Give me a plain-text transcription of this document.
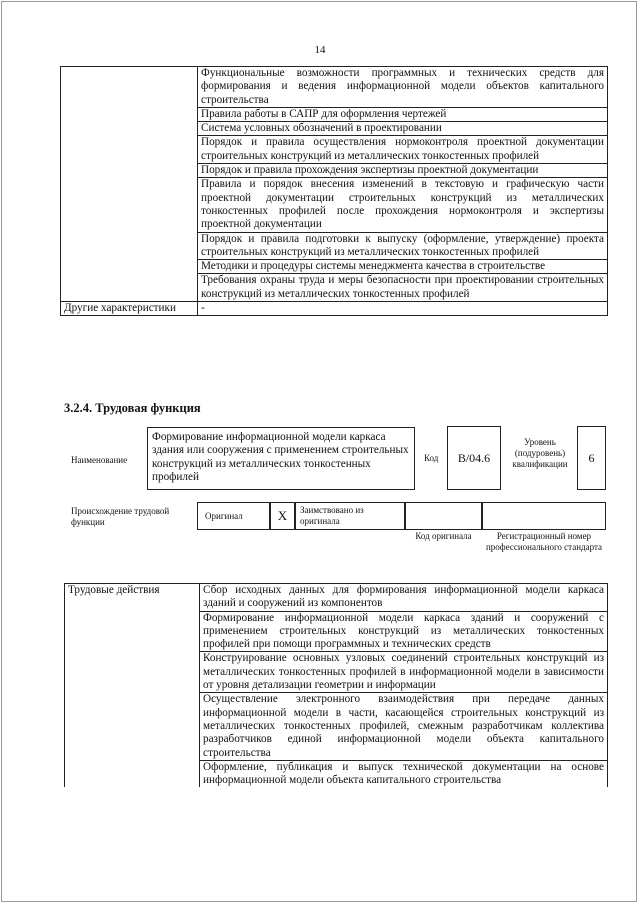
14
	Функциональные возможности программных и технических средств для формирования и ведения информационной модели объектов капитального строительства
	Правила работы в САПР для оформления чертежей
	Система условных обозначений в проектировании
	Порядок и правила осуществления нормоконтроля проектной документации строительных конструкций из металлических тонкостенных профилей
	Порядок и правила прохождения экспертизы проектной документации
	Правила и порядок внесения изменений в текстовую и графическую части проектной документации строительных конструкций из металлических тонкостенных профилей после прохождения нормоконтроля и экспертизы проектной документации
	Порядок и правила подготовки к выпуску (оформление, утверждение) проекта строительных конструкций из металлических тонкостенных профилей
	Методики и процедуры системы менеджмента качества в строительстве
	Требования охраны труда и меры безопасности при проектировании строительных конструкций из металлических тонкостенных профилей
Другие характеристики	-
3.2.4. Трудовая функция
Наименование
Формирование информационной модели каркаса здания или сооружения с применением строительных конструкций из металлических тонкостенных профилей
Код	B/04.6
Уровень (подуровень) квалификации	6
Происхождение трудовой функции
Оригинал	X	Заимствовано из оригинала
Код оригинала	Регистрационный номер профессионального стандарта
Трудовые действия	Сбор исходных данных для формирования информационной модели каркаса зданий и сооружений из компонентов
Формирование информационной модели каркаса зданий и сооружений с применением строительных конструкций из металлических тонкостенных профилей при помощи программных и технических средств
Конструирование основных узловых соединений строительных конструкций из металлических тонкостенных профилей в информационной модели в зависимости от уровня детализации геометрии и информации
Осуществление электронного взаимодействия при передаче данных информационной модели в части, касающейся строительных конструкций из металлических тонкостенных профилей, смежным разработчикам коллектива разработчиков единой информационной модели объекта капитального строительства
Оформление, публикация и выпуск технической документации на основе информационной модели объекта капитального строительства
